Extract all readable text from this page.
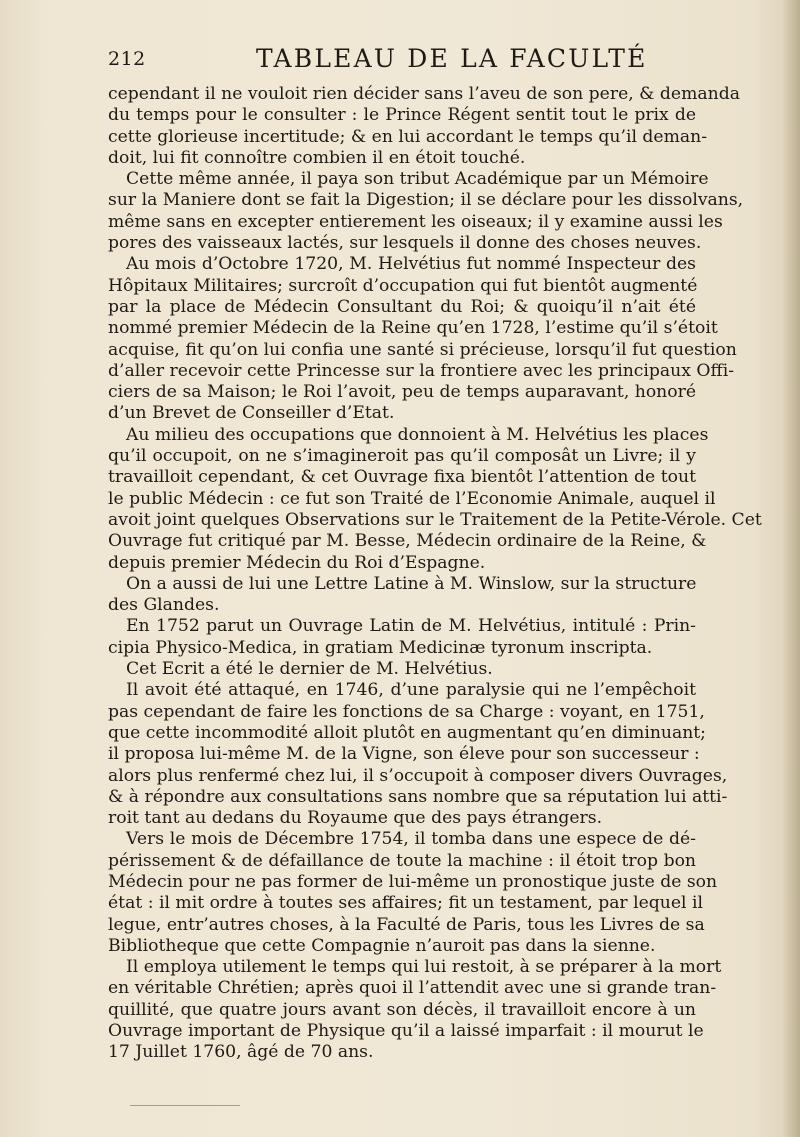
212	TABLEAU DE LA FACULTÉ
cependant il ne vouloit rien décider sans l’aveu de son pere, & demanda
du temps pour le consulter : le Prince Régent sentit tout le prix de
cette glorieuse incertitude; & en lui accordant le temps qu’il deman-
doit, lui fit connoître combien il en étoit touché.
Cette même année, il paya son tribut Académique par un Mémoire
sur la Maniere dont se fait la Digestion; il se déclare pour les dissolvans,
même sans en excepter entierement les oiseaux; il y examine aussi les
pores des vaisseaux lactés, sur lesquels il donne des choses neuves.
Au mois d’Octobre 1720, M. Helvétius fut nommé Inspecteur des
Hôpitaux Militaires; surcroît d’occupation qui fut bientôt augmenté
par la place de Médecin Consultant du Roi; & quoiqu’il n’ait été
nommé premier Médecin de la Reine qu’en 1728, l’estime qu’il s’étoit
acquise, fit qu’on lui confia une santé si précieuse, lorsqu’il fut question
d’aller recevoir cette Princesse sur la frontiere avec les principaux Offi-
ciers de sa Maison; le Roi l’avoit, peu de temps auparavant, honoré
d’un Brevet de Conseiller d’Etat.
Au milieu des occupations que donnoient à M. Helvétius les places
qu’il occupoit, on ne s’imagineroit pas qu’il composât un Livre; il y
travailloit cependant, & cet Ouvrage fixa bientôt l’attention de tout
le public Médecin : ce fut son Traité de l’Economie Animale, auquel il
avoit joint quelques Observations sur le Traitement de la Petite-Vérole. Cet
Ouvrage fut critiqué par M. Besse, Médecin ordinaire de la Reine, &
depuis premier Médecin du Roi d’Espagne.
On a aussi de lui une Lettre Latine à M. Winslow, sur la structure
des Glandes.
En 1752 parut un Ouvrage Latin de M. Helvétius, intitulé : Prin-
cipia Physico-Medica, in gratiam Medicinæ tyronum inscripta.
Cet Ecrit a été le dernier de M. Helvétius.
Il avoit été attaqué, en 1746, d’une paralysie qui ne l’empêchoit
pas cependant de faire les fonctions de sa Charge : voyant, en 1751,
que cette incommodité alloit plutôt en augmentant qu’en diminuant;
il proposa lui-même M. de la Vigne, son éleve pour son successeur :
alors plus renfermé chez lui, il s’occupoit à composer divers Ouvrages,
& à répondre aux consultations sans nombre que sa réputation lui atti-
roit tant au dedans du Royaume que des pays étrangers.
Vers le mois de Décembre 1754, il tomba dans une espece de dé-
périssement & de défaillance de toute la machine : il étoit trop bon
Médecin pour ne pas former de lui-même un pronostique juste de son
état : il mit ordre à toutes ses affaires; fit un testament, par lequel il
legue, entr’autres choses, à la Faculté de Paris, tous les Livres de sa
Bibliotheque que cette Compagnie n’auroit pas dans la sienne.
Il employa utilement le temps qui lui restoit, à se préparer à la mort
en véritable Chrétien; après quoi il l’attendit avec une si grande tran-
quillité, que quatre jours avant son décès, il travailloit encore à un
Ouvrage important de Physique qu’il a laissé imparfait : il mourut le
17 Juillet 1760, âgé de 70 ans.
